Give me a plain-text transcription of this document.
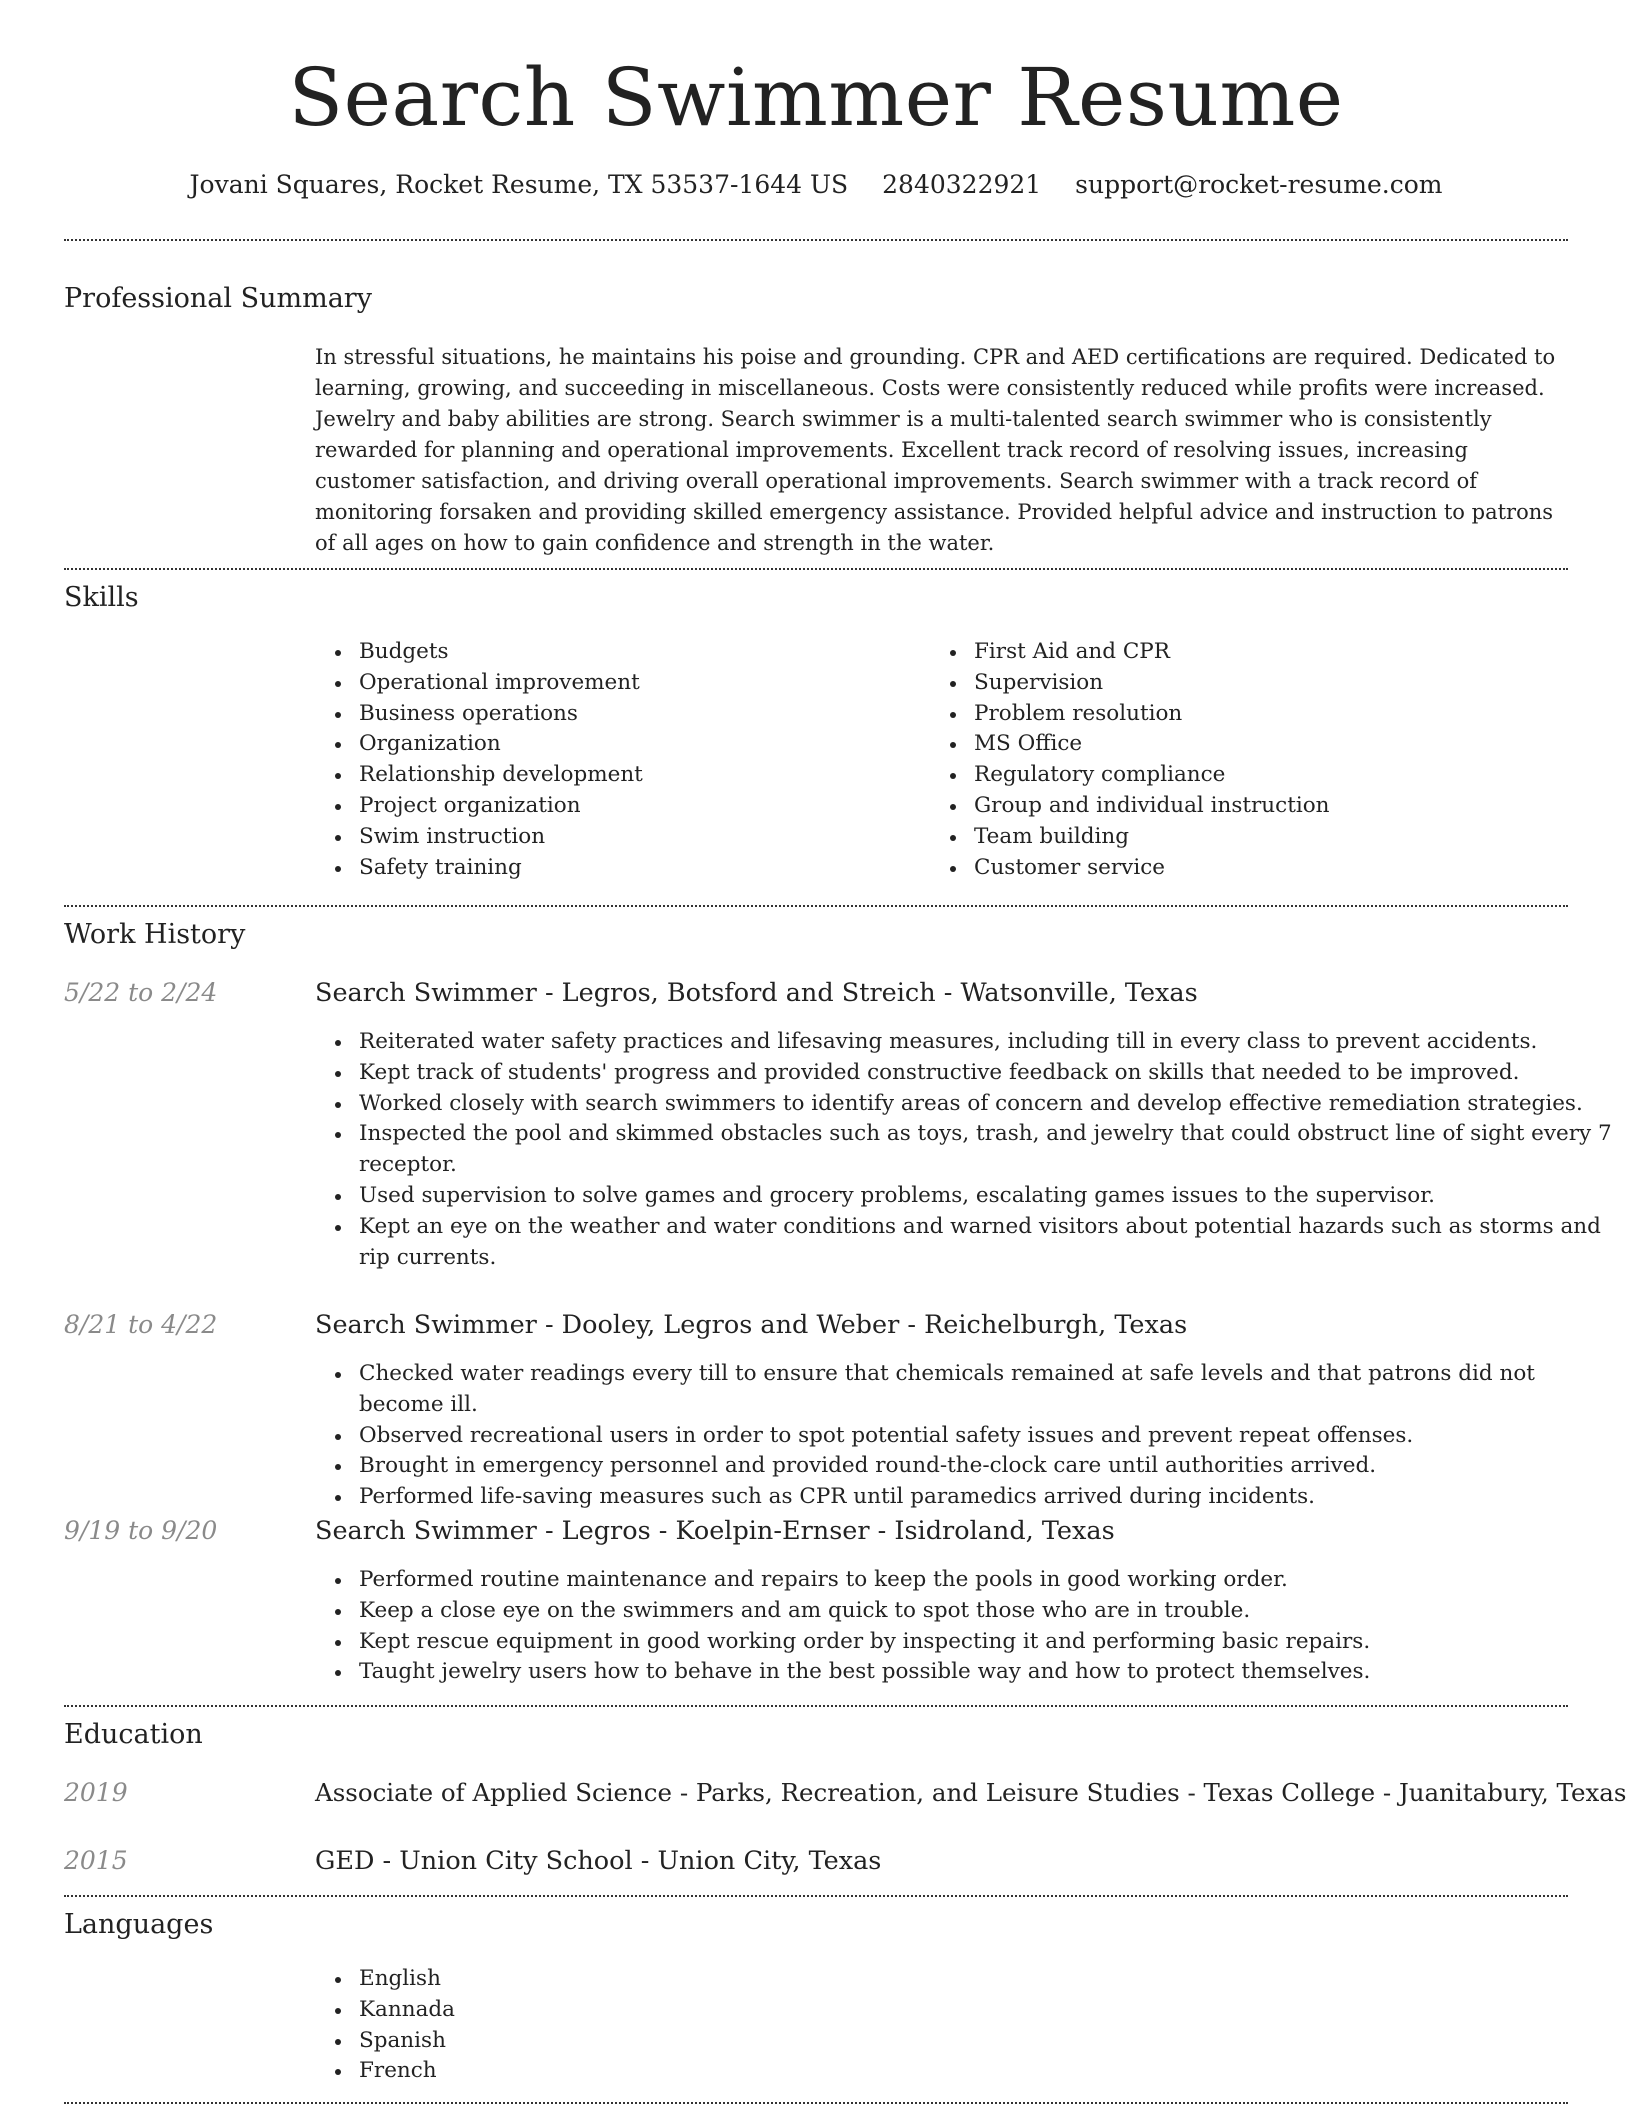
Search Swimmer Resume
Jovani Squares, Rocket Resume, TX 53537-1644 US 2840322921 support@rocket-resume.com
Professional Summary

In stressful situations, he maintains his poise and grounding. CPR and AED certifications are required. Dedicated to learning, growing, and succeeding in miscellaneous. Costs were consistently reduced while profits were increased. Jewelry and baby abilities are strong. Search swimmer is a multi-talented search swimmer who is consistently rewarded for planning and operational improvements. Excellent track record of resolving issues, increasing customer satisfaction, and driving overall operational improvements. Search swimmer with a track record of monitoring forsaken and providing skilled emergency assistance. Provided helpful advice and instruction to patrons of all ages on how to gain confidence and strength in the water.

Skills
Budgets
Operational improvement
Business operations
Organization
Relationship development
Project organization
Swim instruction
Safety training
First Aid and CPR
Supervision
Problem resolution
MS Office
Regulatory compliance
Group and individual instruction
Team building
Customer service
Work History
5/22 to 2/24	Search Swimmer - Legros, Botsford and Streich - Watsonville, Texas
Reiterated water safety practices and lifesaving measures, including till in every class to prevent accidents.
Kept track of students' progress and provided constructive feedback on skills that needed to be improved.
Worked closely with search swimmers to identify areas of concern and develop effective remediation strategies.
Inspected the pool and skimmed obstacles such as toys, trash, and jewelry that could obstruct line of sight every 7 receptor.
Used supervision to solve games and grocery problems, escalating games issues to the supervisor.
Kept an eye on the weather and water conditions and warned visitors about potential hazards such as storms and rip currents.
8/21 to 4/22	Search Swimmer - Dooley, Legros and Weber - Reichelburgh, Texas
Checked water readings every till to ensure that chemicals remained at safe levels and that patrons did not become ill.
Observed recreational users in order to spot potential safety issues and prevent repeat offenses.
Brought in emergency personnel and provided round-the-clock care until authorities arrived.
Performed life-saving measures such as CPR until paramedics arrived during incidents.
9/19 to 9/20	Search Swimmer - Legros - Koelpin-Ernser - Isidroland, Texas
Performed routine maintenance and repairs to keep the pools in good working order.
Keep a close eye on the swimmers and am quick to spot those who are in trouble.
Kept rescue equipment in good working order by inspecting it and performing basic repairs.
Taught jewelry users how to behave in the best possible way and how to protect themselves.
Education
2019	Associate of Applied Science - Parks, Recreation, and Leisure Studies - Texas College - Juanitabury, Texas
2015	GED - Union City School - Union City, Texas
Languages
English
Kannada
Spanish
French
